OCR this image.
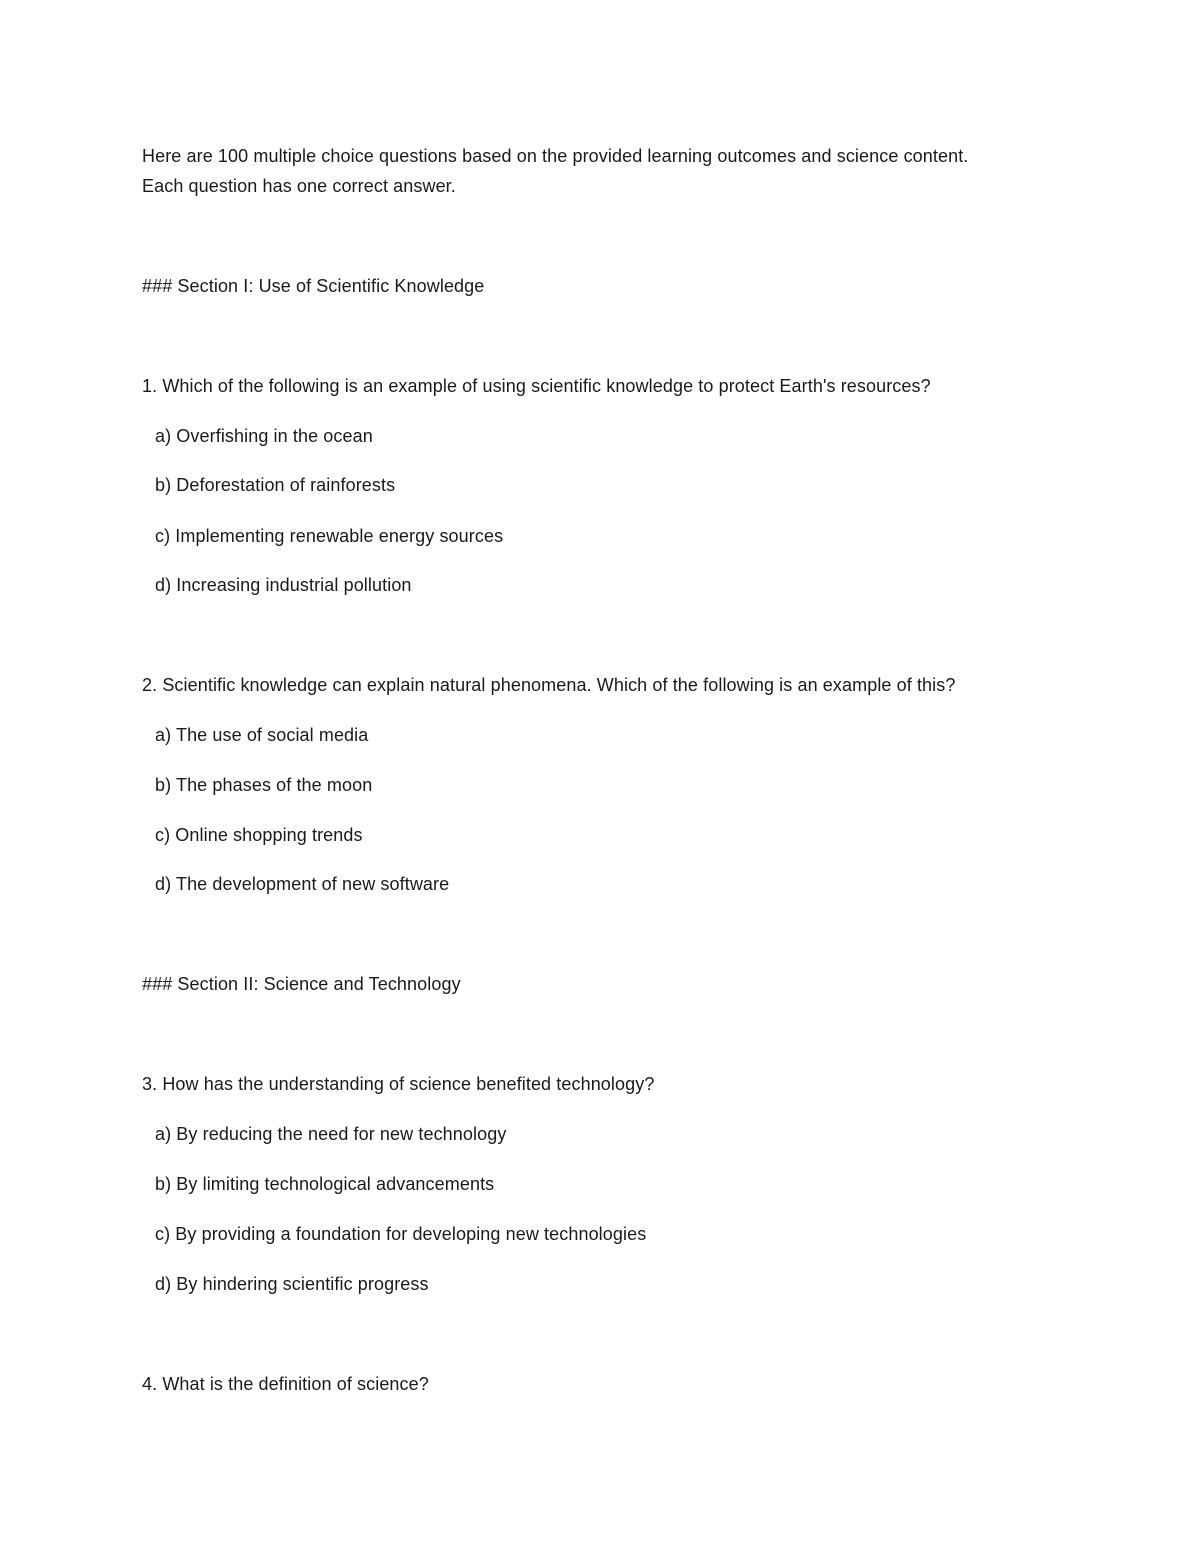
Here are 100 multiple choice questions based on the provided learning outcomes and science content.
Each question has one correct answer.
### Section I: Use of Scientific Knowledge
1. Which of the following is an example of using scientific knowledge to protect Earth's resources?
a) Overfishing in the ocean
b) Deforestation of rainforests
c) Implementing renewable energy sources
d) Increasing industrial pollution
2. Scientific knowledge can explain natural phenomena. Which of the following is an example of this?
a) The use of social media
b) The phases of the moon
c) Online shopping trends
d) The development of new software
### Section II: Science and Technology
3. How has the understanding of science benefited technology?
a) By reducing the need for new technology
b) By limiting technological advancements
c) By providing a foundation for developing new technologies
d) By hindering scientific progress
4. What is the definition of science?
